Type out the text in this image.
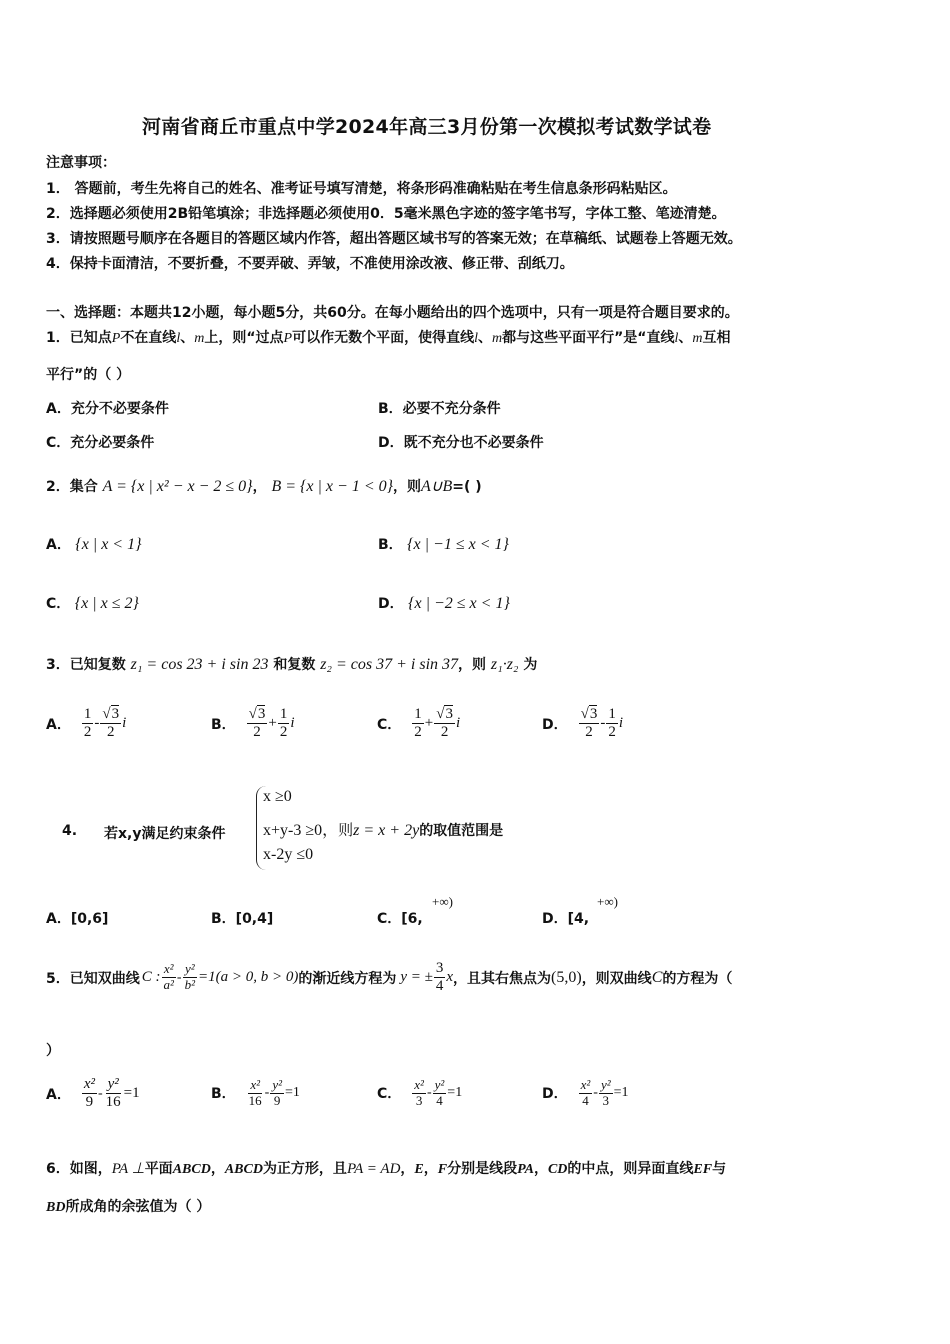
河南省商丘市重点中学2024年高三3月份第一次模拟考试数学试卷
注意事项：
1． 答题前，考生先将自己的姓名、准考证号填写清楚，将条形码准确粘贴在考生信息条形码粘贴区。
2．选择题必须使用2B铅笔填涂；非选择题必须使用0．5毫米黑色字迹的签字笔书写，字体工整、笔迹清楚。
3．请按照题号顺序在各题目的答题区域内作答，超出答题区域书写的答案无效；在草稿纸、试题卷上答题无效。
4．保持卡面清洁，不要折叠，不要弄破、弄皱，不准使用涂改液、修正带、刮纸刀。
一、选择题：本题共12小题，每小题5分，共60分。在每小题给出的四个选项中，只有一项是符合题目要求的。
1．已知点P不在直线l、m上，则“过点P可以作无数个平面，使得直线l、m都与这些平面平行”是“直线l、m互相
平行”的（ ）
A．充分不必要条件	B．必要不充分条件
C．充分必要条件	D．既不充分也不必要条件
2．集合 A = {x | x² − x − 2 ≤ 0}， B = {x | x − 1 < 0}，则A∪B=( )
A． {x | x < 1}	B． {x | −1 ≤ x < 1}
C． {x | x ≤ 2}	D． {x | −2 ≤ x < 1}
3．已知复数 z₁ = cos 23 + i sin 23 和复数 z₂ = cos 37 + i sin 37，则 z₁·z₂ 为
A． $\frac{1}{2} - \frac{√3}{2}$ i	B． $\frac{√3}{2} + \frac{1}{2}$ i	C． $\frac{1}{2} + \frac{√3}{2}$ i	D． $\frac{√3}{2} - \frac{1}{2}$ i
4. 若x,y满足约束条件
x ≥0
x+y-3 ≥0，则z = x + 2y的取值范围是
x-2y ≤0
A．[0,6]	B．[0,4]	C．[6,
+∞)
D．[4,
+∞)
5．已知双曲线 C : $\frac{\text{x²}}{\text{a²}} - \frac{\text{y²}}{\text{b²}} =1(a > 0$, b > 0) 的渐近线方程为 y = ± $\frac{3}{4}$ x ，且其右焦点为 (5,0) ，则双曲线 C 的方程为（
）
A． $\frac{\text{x²}}{9} - \frac{\text{y²}}{16} =1$	B． $\frac{\text{x²}}{16} - \frac{\text{y²}}{9} =1$	C． $\frac{\text{x²}}{3} - \frac{\text{y²}}{4} =1$	D． $\frac{\text{x²}}{4} - \frac{\text{y²}}{3} =1$
6．如图，PA ⊥平面ABCD，ABCD为正方形，且PA = AD，E，F分别是线段PA，CD的中点，则异面直线EF与
BD所成角的余弦值为（ ）
